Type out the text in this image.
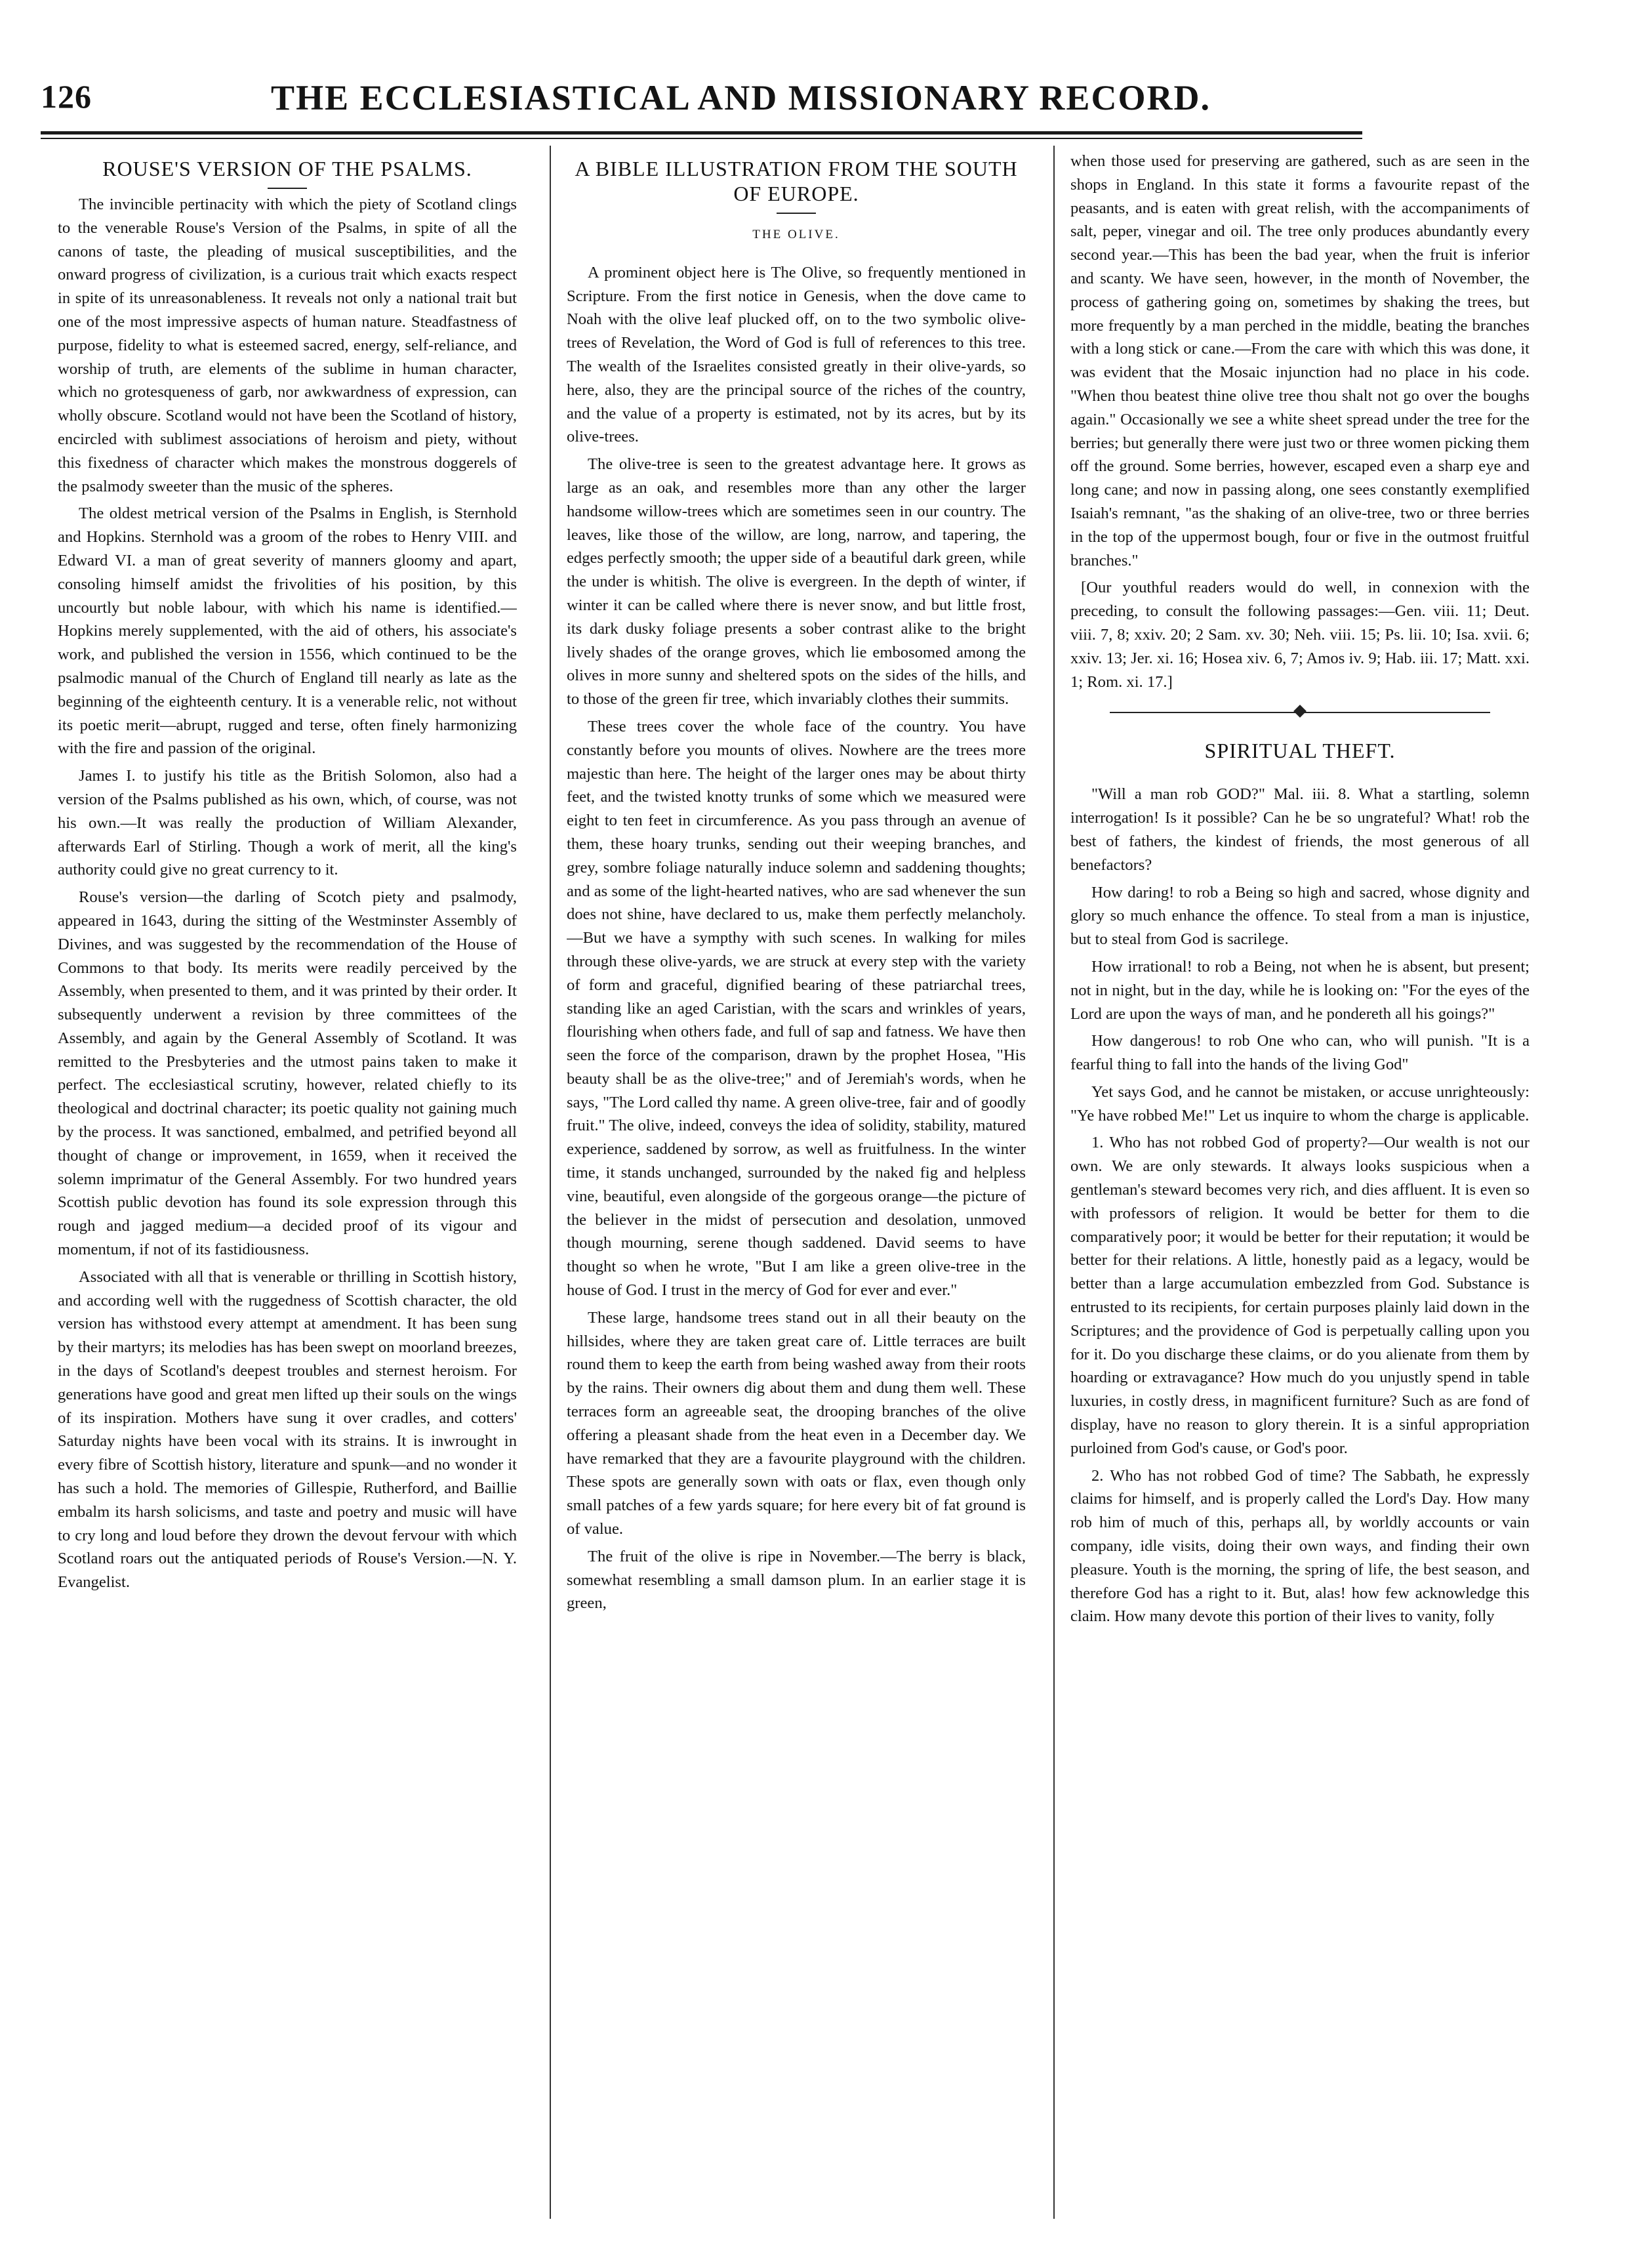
126	THE ECCLESIASTICAL AND MISSIONARY RECORD.
ROUSE'S VERSION OF THE PSALMS.

The invincible pertinacity with which the piety of Scotland clings to the venerable Rouse's Version of the Psalms, in spite of all the canons of taste, the pleading of musical susceptibilities, and the onward progress of civilization, is a curious trait which exacts respect in spite of its unreasonableness. It reveals not only a national trait but one of the most impressive aspects of human nature. Steadfastness of purpose, fidelity to what is esteemed sacred, energy, self-reliance, and worship of truth, are elements of the sublime in human character, which no grotesqueness of garb, nor awkwardness of expression, can wholly obscure. Scotland would not have been the Scotland of history, encircled with sublimest associations of heroism and piety, without this fixedness of character which makes the monstrous doggerels of the psalmody sweeter than the music of the spheres.

The oldest metrical version of the Psalms in English, is Sternhold and Hopkins. Sternhold was a groom of the robes to Henry VIII. and Edward VI. a man of great severity of manners gloomy and apart, consoling himself amidst the frivolities of his position, by this uncourtly but noble labour, with which his name is identified.—Hopkins merely supplemented, with the aid of others, his associate's work, and published the version in 1556, which continued to be the psalmodic manual of the Church of England till nearly as late as the beginning of the eighteenth century. It is a venerable relic, not without its poetic merit—abrupt, rugged and terse, often finely harmonizing with the fire and passion of the original.

James I. to justify his title as the British Solomon, also had a version of the Psalms published as his own, which, of course, was not his own.—It was really the production of William Alexander, afterwards Earl of Stirling. Though a work of merit, all the king's authority could give no great currency to it.

Rouse's version—the darling of Scotch piety and psalmody, appeared in 1643, during the sitting of the Westminster Assembly of Divines, and was suggested by the recommendation of the House of Commons to that body. Its merits were readily perceived by the Assembly, when presented to them, and it was printed by their order. It subsequently underwent a revision by three committees of the Assembly, and again by the General Assembly of Scotland. It was remitted to the Presbyteries and the utmost pains taken to make it perfect. The ecclesiastical scrutiny, however, related chiefly to its theological and doctrinal character; its poetic quality not gaining much by the process. It was sanctioned, embalmed, and petrified beyond all thought of change or improvement, in 1659, when it received the solemn imprimatur of the General Assembly. For two hundred years Scottish public devotion has found its sole expression through this rough and jagged medium—a decided proof of its vigour and momentum, if not of its fastidiousness.

Associated with all that is venerable or thrilling in Scottish history, and according well with the ruggedness of Scottish character, the old version has withstood every attempt at amendment. It has been sung by their martyrs; its melodies has has been swept on moorland breezes, in the days of Scotland's deepest troubles and sternest heroism. For generations have good and great men lifted up their souls on the wings of its inspiration. Mothers have sung it over cradles, and cotters' Saturday nights have been vocal with its strains. It is inwrought in every fibre of Scottish history, literature and spunk—and no wonder it has such a hold. The memories of Gillespie, Rutherford, and Baillie embalm its harsh solicisms, and taste and poetry and music will have to cry long and loud before they drown the devout fervour with which Scotland roars out the antiquated periods of Rouse's Version.—N. Y. Evangelist.

A BIBLE ILLUSTRATION FROM THE SOUTH OF EUROPE.
THE OLIVE.

A prominent object here is The Olive, so frequently mentioned in Scripture. From the first notice in Genesis, when the dove came to Noah with the olive leaf plucked off, on to the two symbolic olive-trees of Revelation, the Word of God is full of references to this tree. The wealth of the Israelites consisted greatly in their olive-yards, so here, also, they are the principal source of the riches of the country, and the value of a property is estimated, not by its acres, but by its olive-trees.

The olive-tree is seen to the greatest advantage here. It grows as large as an oak, and resembles more than any other the larger handsome willow-trees which are sometimes seen in our country. The leaves, like those of the willow, are long, narrow, and tapering, the edges perfectly smooth; the upper side of a beautiful dark green, while the under is whitish. The olive is evergreen. In the depth of winter, if winter it can be called where there is never snow, and but little frost, its dark dusky foliage presents a sober contrast alike to the bright lively shades of the orange groves, which lie embosomed among the olives in more sunny and sheltered spots on the sides of the hills, and to those of the green fir tree, which invariably clothes their summits.

These trees cover the whole face of the country. You have constantly before you mounts of olives. Nowhere are the trees more majestic than here. The height of the larger ones may be about thirty feet, and the twisted knotty trunks of some which we measured were eight to ten feet in circumference. As you pass through an avenue of them, these hoary trunks, sending out their weeping branches, and grey, sombre foliage naturally induce solemn and saddening thoughts; and as some of the light-hearted natives, who are sad whenever the sun does not shine, have declared to us, make them perfectly melancholy.—But we have a sympthy with such scenes. In walking for miles through these olive-yards, we are struck at every step with the variety of form and graceful, dignified bearing of these patriarchal trees, standing like an aged Caristian, with the scars and wrinkles of years, flourishing when others fade, and full of sap and fatness. We have then seen the force of the comparison, drawn by the prophet Hosea, "His beauty shall be as the olive-tree;" and of Jeremiah's words, when he says, "The Lord called thy name. A green olive-tree, fair and of goodly fruit." The olive, indeed, conveys the idea of solidity, stability, matured experience, saddened by sorrow, as well as fruitfulness. In the winter time, it stands unchanged, surrounded by the naked fig and helpless vine, beautiful, even alongside of the gorgeous orange—the picture of the believer in the midst of persecution and desolation, unmoved though mourning, serene though saddened. David seems to have thought so when he wrote, "But I am like a green olive-tree in the house of God. I trust in the mercy of God for ever and ever."

These large, handsome trees stand out in all their beauty on the hillsides, where they are taken great care of. Little terraces are built round them to keep the earth from being washed away from their roots by the rains. Their owners dig about them and dung them well. These terraces form an agreeable seat, the drooping branches of the olive offering a pleasant shade from the heat even in a December day. We have remarked that they are a favourite playground with the children. These spots are generally sown with oats or flax, even though only small patches of a few yards square; for here every bit of fat ground is of value.

The fruit of the olive is ripe in November.—The berry is black, somewhat resembling a small damson plum. In an earlier stage it is green,

when those used for preserving are gathered, such as are seen in the shops in England. In this state it forms a favourite repast of the peasants, and is eaten with great relish, with the accompaniments of salt, peper, vinegar and oil. The tree only produces abundantly every second year.—This has been the bad year, when the fruit is inferior and scanty. We have seen, however, in the month of November, the process of gathering going on, sometimes by shaking the trees, but more frequently by a man perched in the middle, beating the branches with a long stick or cane.—From the care with which this was done, it was evident that the Mosaic injunction had no place in his code. "When thou beatest thine olive tree thou shalt not go over the boughs again." Occasionally we see a white sheet spread under the tree for the berries; but generally there were just two or three women picking them off the ground. Some berries, however, escaped even a sharp eye and long cane; and now in passing along, one sees constantly exemplified Isaiah's remnant, "as the shaking of an olive-tree, two or three berries in the top of the uppermost bough, four or five in the outmost fruitful branches."

[Our youthful readers would do well, in connexion with the preceding, to consult the following passages:—Gen. viii. 11; Deut. viii. 7, 8; xxiv. 20; 2 Sam. xv. 30; Neh. viii. 15; Ps. lii. 10; Isa. xvii. 6; xxiv. 13; Jer. xi. 16; Hosea xiv. 6, 7; Amos iv. 9; Hab. iii. 17; Matt. xxi. 1; Rom. xi. 17.]

SPIRITUAL THEFT.

"Will a man rob GOD?" Mal. iii. 8. What a startling, solemn interrogation! Is it possible? Can he be so ungrateful? What! rob the best of fathers, the kindest of friends, the most generous of all benefactors?

How daring! to rob a Being so high and sacred, whose dignity and glory so much enhance the offence. To steal from a man is injustice, but to steal from God is sacrilege.

How irrational! to rob a Being, not when he is absent, but present; not in night, but in the day, while he is looking on: "For the eyes of the Lord are upon the ways of man, and he pondereth all his goings?"

How dangerous! to rob One who can, who will punish. "It is a fearful thing to fall into the hands of the living God"

Yet says God, and he cannot be mistaken, or accuse unrighteously: "Ye have robbed Me!" Let us inquire to whom the charge is applicable.

1. Who has not robbed God of property?—Our wealth is not our own. We are only stewards. It always looks suspicious when a gentleman's steward becomes very rich, and dies affluent. It is even so with professors of religion. It would be better for them to die comparatively poor; it would be better for their reputation; it would be better for their relations. A little, honestly paid as a legacy, would be better than a large accumulation embezzled from God. Substance is entrusted to its recipients, for certain purposes plainly laid down in the Scriptures; and the providence of God is perpetually calling upon you for it. Do you discharge these claims, or do you alienate from them by hoarding or extravagance? How much do you unjustly spend in table luxuries, in costly dress, in magnificent furniture? Such as are fond of display, have no reason to glory therein. It is a sinful appropriation purloined from God's cause, or God's poor.

2. Who has not robbed God of time? The Sabbath, he expressly claims for himself, and is properly called the Lord's Day. How many rob him of much of this, perhaps all, by worldly accounts or vain company, idle visits, doing their own ways, and finding their own pleasure. Youth is the morning, the spring of life, the best season, and therefore God has a right to it. But, alas! how few acknowledge this claim. How many devote this portion of their lives to vanity, folly
